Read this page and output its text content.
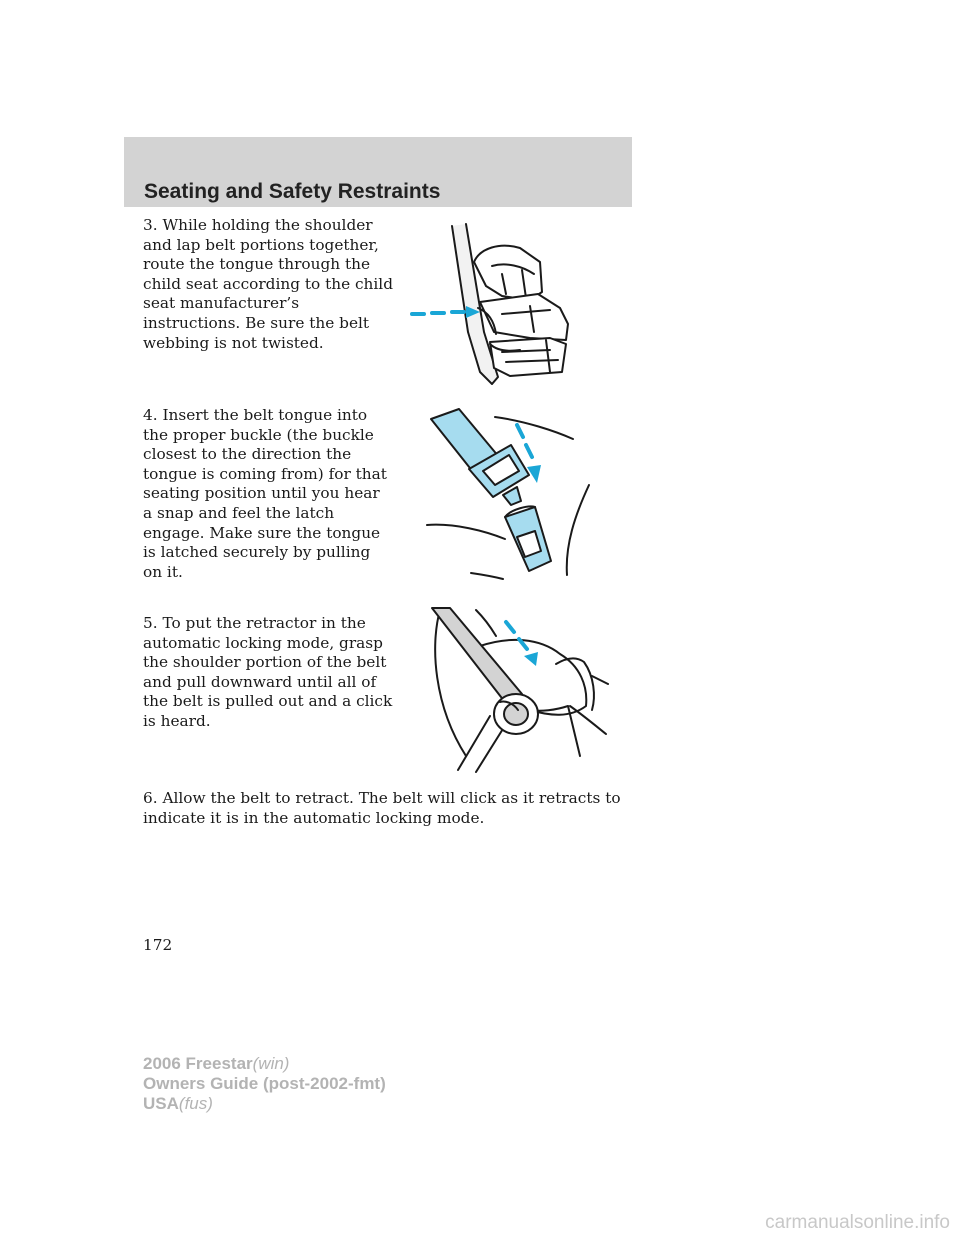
Seating and Safety Restraints

3. While holding the shoulder and lap belt portions together, route the tongue through the child seat according to the child seat manufacturer’s instructions. Be sure the belt webbing is not twisted.

4. Insert the belt tongue into the proper buckle (the buckle closest to the direction the tongue is coming from) for that seating position until you hear a snap and feel the latch engage. Make sure the tongue is latched securely by pulling on it.

5. To put the retractor in the automatic locking mode, grasp the shoulder portion of the belt and pull downward until all of the belt is pulled out and a click is heard.

6. Allow the belt to retract. The belt will click as it retracts to indicate it is in the automatic locking mode.

172

2006 Freestar(win)
Owners Guide (post-2002-fmt)
USA(fus)
carmanualsonline.info
